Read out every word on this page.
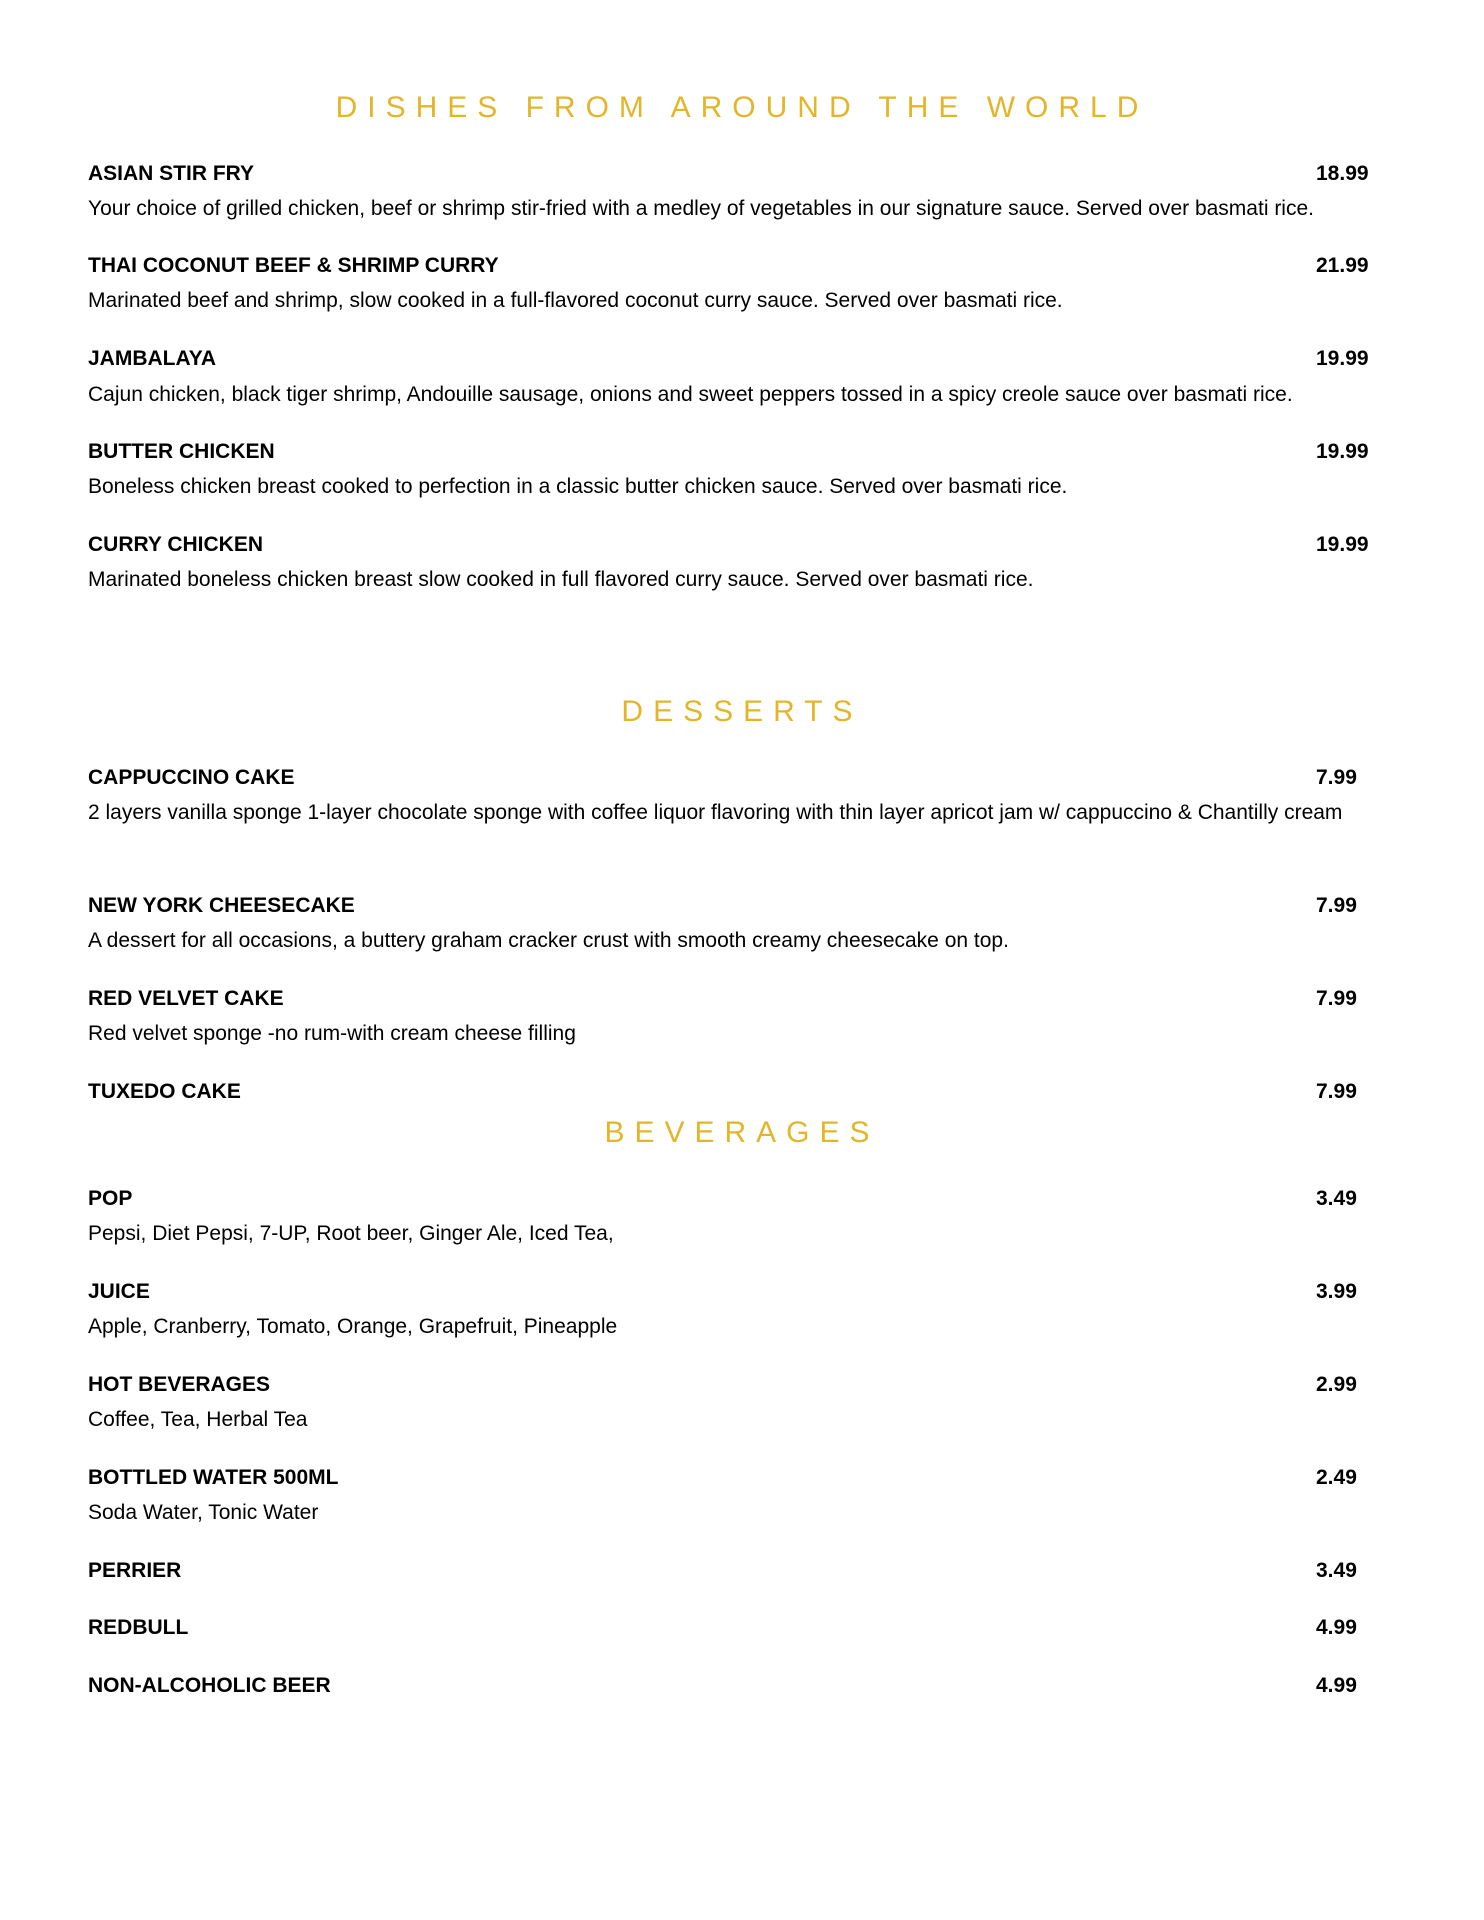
DISHES FROM AROUND THE WORLD
ASIAN STIR FRY	18.99
Your choice of grilled chicken, beef or shrimp stir-fried with a medley of vegetables in our signature sauce. Served over basmati rice.
THAI COCONUT BEEF & SHRIMP CURRY	21.99
Marinated beef and shrimp, slow cooked in a full-flavored coconut curry sauce. Served over basmati rice.
JAMBALAYA	19.99
Cajun chicken, black tiger shrimp, Andouille sausage, onions and sweet peppers tossed in a spicy creole sauce over basmati rice.
BUTTER CHICKEN	19.99
Boneless chicken breast cooked to perfection in a classic butter chicken sauce. Served over basmati rice.
CURRY CHICKEN	19.99
Marinated boneless chicken breast slow cooked in full flavored curry sauce. Served over basmati rice.
DESSERTS
CAPPUCCINO CAKE	7.99
2 layers vanilla sponge 1-layer chocolate sponge with coffee liquor flavoring with thin layer apricot jam w/ cappuccino & Chantilly cream
NEW YORK CHEESECAKE	7.99
A dessert for all occasions, a buttery graham cracker crust with smooth creamy cheesecake on top.
RED VELVET CAKE	7.99
Red velvet sponge -no rum-with cream cheese filling
TUXEDO CAKE	7.99
BEVERAGES
POP	3.49
Pepsi, Diet Pepsi, 7-UP, Root beer, Ginger Ale, Iced Tea,
JUICE	3.99
Apple, Cranberry, Tomato, Orange, Grapefruit, Pineapple
HOT BEVERAGES	2.99
Coffee, Tea, Herbal Tea
BOTTLED WATER 500ML	2.49
Soda Water, Tonic Water
PERRIER	3.49
REDBULL	4.99
NON-ALCOHOLIC BEER	4.99
